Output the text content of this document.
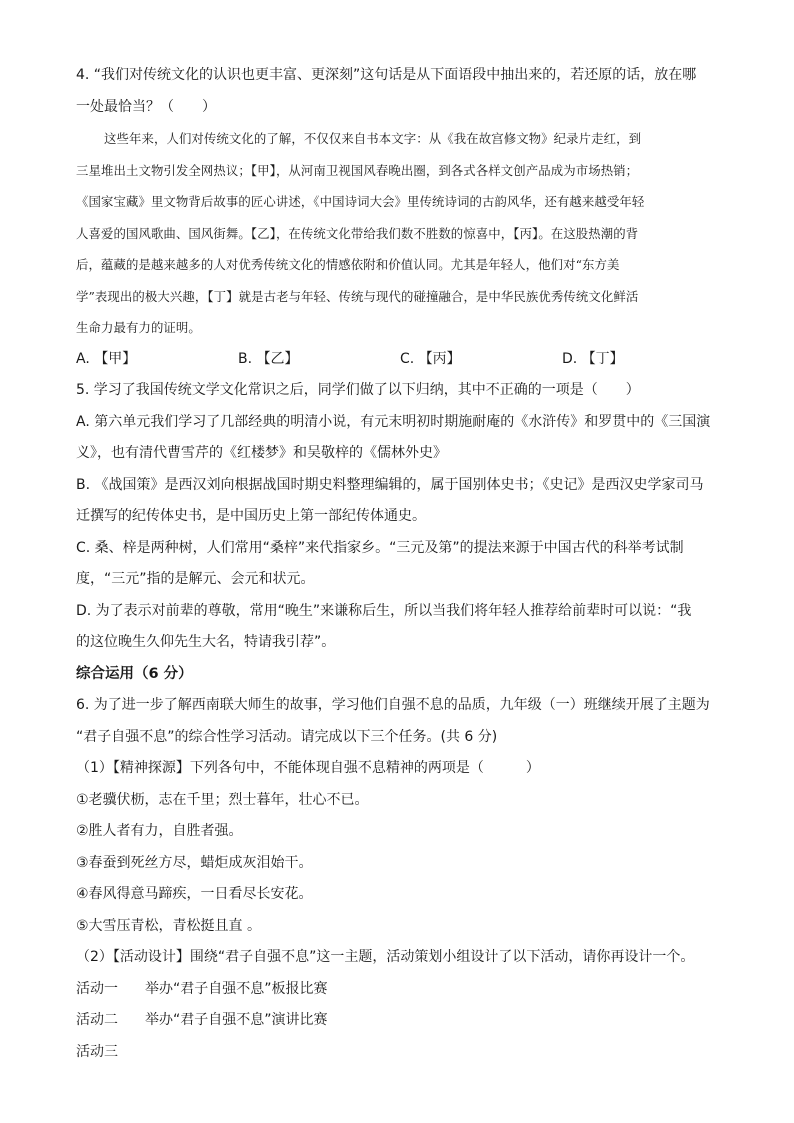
4. “我们对传统文化的认识也更丰富、更深刻”这句话是从下面语段中抽出来的，若还原的话，放在哪
一处最恰当？（　　）
这些年来，人们对传统文化的了解，不仅仅来自书本文字：从《我在故宫修文物》纪录片走红，到
三星堆出土文物引发全网热议；【甲】，从河南卫视国风春晚出圈，到各式各样文创产品成为市场热销；
《国家宝藏》里文物背后故事的匠心讲述，《中国诗词大会》里传统诗词的古韵风华，还有越来越受年轻
人喜爱的国风歌曲、国风街舞。【乙】，在传统文化带给我们数不胜数的惊喜中，【丙】。在这股热潮的背
后，蕴藏的是越来越多的人对优秀传统文化的情感依附和价值认同。尤其是年轻人，他们对“东方美
学”表现出的极大兴趣，【丁】就是古老与年轻、传统与现代的碰撞融合，是中华民族优秀传统文化鲜活
生命力最有力的证明。
A. 【甲】	B. 【乙】	C. 【丙】	D. 【丁】
5. 学习了我国传统文学文化常识之后，同学们做了以下归纳，其中不正确的一项是（　　）
A. 第六单元我们学习了几部经典的明清小说，有元末明初时期施耐庵的《水浒传》和罗贯中的《三国演
义》，也有清代曹雪芹的《红楼梦》和吴敬梓的《儒林外史》
B. 《战国策》是西汉刘向根据战国时期史料整理编辑的，属于国别体史书；《史记》是西汉史学家司马
迁撰写的纪传体史书，是中国历史上第一部纪传体通史。
C. 桑、梓是两种树，人们常用“桑梓”来代指家乡。“三元及第”的提法来源于中国古代的科举考试制
度，“三元”指的是解元、会元和状元。
D. 为了表示对前辈的尊敬，常用“晚生”来谦称后生，所以当我们将年轻人推荐给前辈时可以说：“我
的这位晚生久仰先生大名，特请我引荐”。
综合运用（6 分）
6. 为了进一步了解西南联大师生的故事，学习他们自强不息的品质，九年级（一）班继续开展了主题为
“君子自强不息”的综合性学习活动。请完成以下三个任务。(共 6 分)
（1）【精神探源】下列各句中，不能体现自强不息精神的两项是（　　　）
①老骥伏枥，志在千里；烈士暮年，壮心不已。
②胜人者有力，自胜者强。
③春蚕到死丝方尽，蜡炬成灰泪始干。
④春风得意马蹄疾，一日看尽长安花。
⑤大雪压青松，青松挺且直 。
（2）【活动设计】围绕“君子自强不息”这一主题，活动策划小组设计了以下活动，请你再设计一个。
活动一	举办“君子自强不息”板报比赛
活动二	举办“君子自强不息”演讲比赛
活动三
